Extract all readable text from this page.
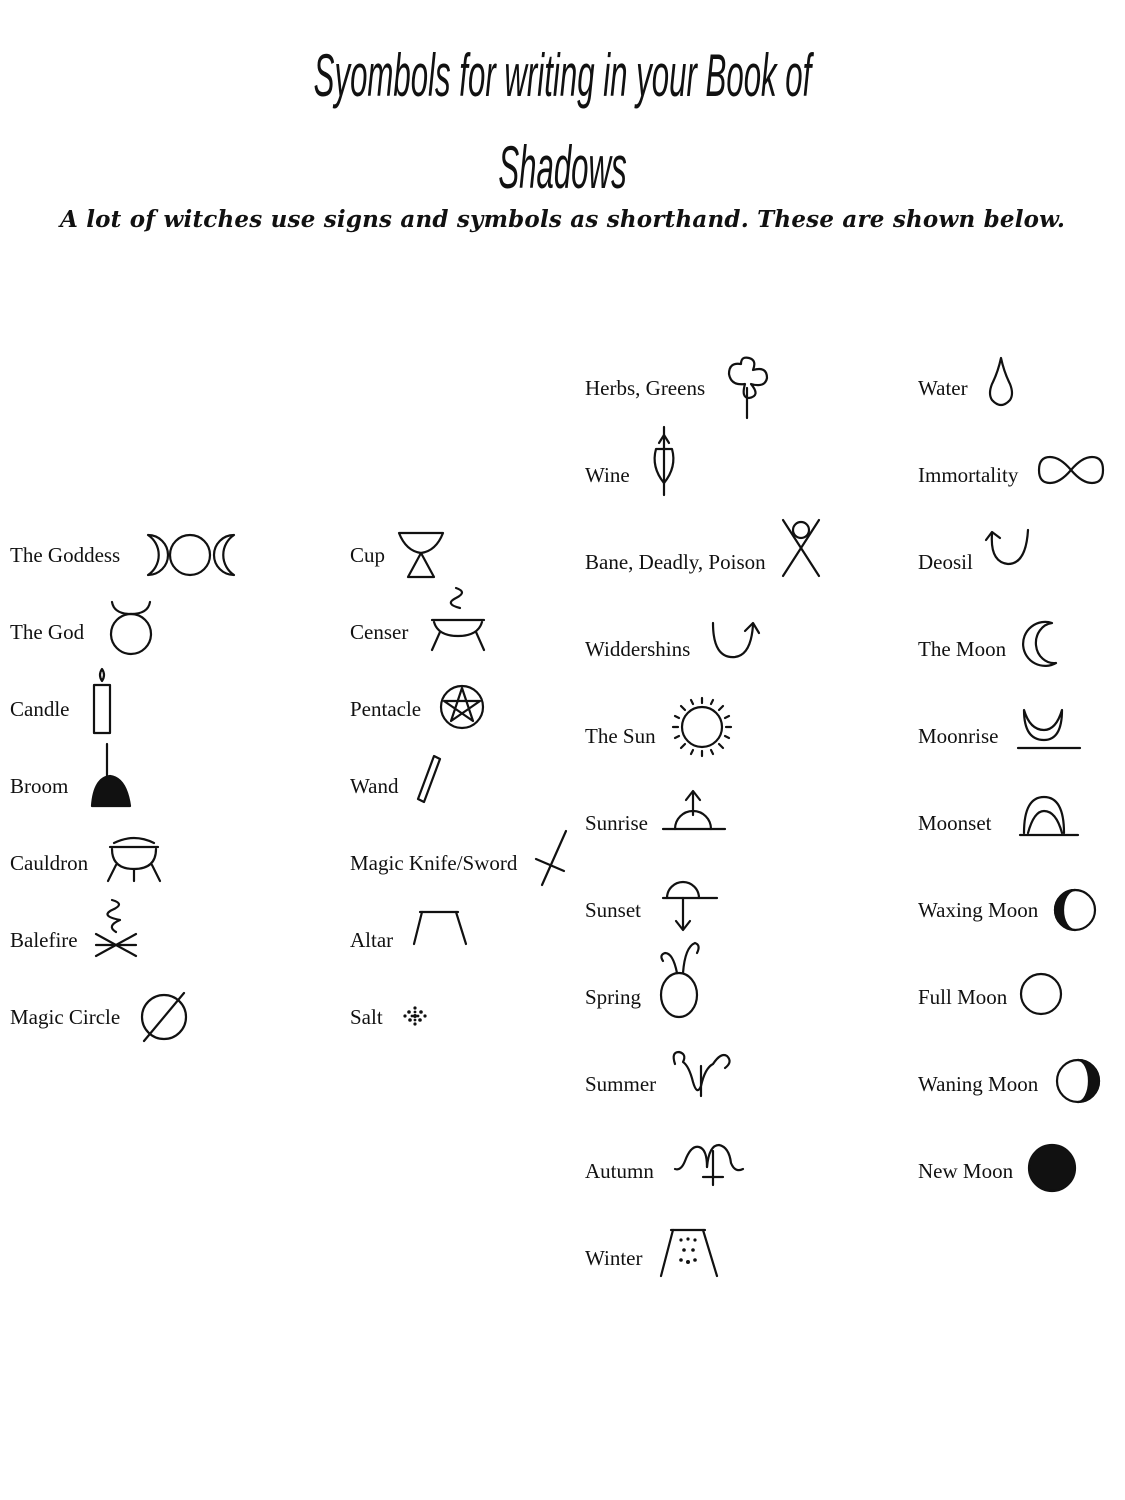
Syombols for writing in your Book of Shadows
A lot of witches use signs and symbols as shorthand. These are shown below.
The Goddess
The God
Candle
Broom
Cauldron
Balefire
Magic Circle
Cup
Censer
Pentacle
Wand
Magic Knife/Sword
Altar
Salt
Herbs, Greens
Wine
Bane, Deadly, Poison
Widdershins
The Sun
Sunrise
Sunset
Spring
Summer
Autumn
Winter
Water
Immortality
Deosil
The Moon
Moonrise
Moonset
Waxing Moon
Full Moon
Waning Moon
New Moon
